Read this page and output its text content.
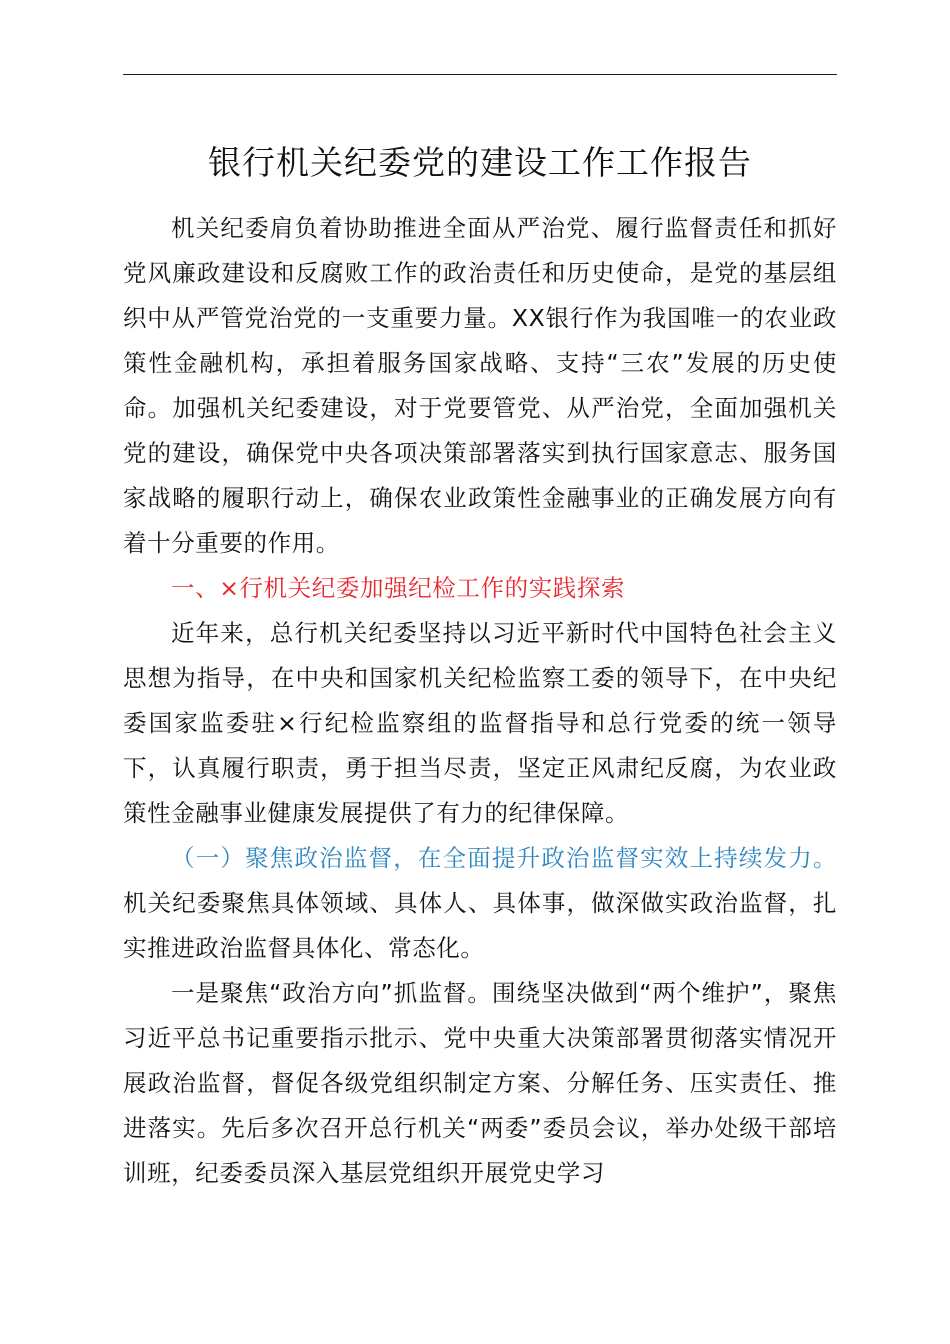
银行机关纪委党的建设工作工作报告

机关纪委肩负着协助推进全面从严治党、履行监督责任和抓好党风廉政建设和反腐败工作的政治责任和历史使命，是党的基层组织中从严管党治党的一支重要力量。XX银行作为我国唯一的农业政策性金融机构，承担着服务国家战略、支持“三农”发展的历史使命。加强机关纪委建设，对于党要管党、从严治党，全面加强机关党的建设，确保党中央各项决策部署落实到执行国家意志、服务国家战略的履职行动上，确保农业政策性金融事业的正确发展方向有着十分重要的作用。

一、×行机关纪委加强纪检工作的实践探索

近年来，总行机关纪委坚持以习近平新时代中国特色社会主义思想为指导，在中央和国家机关纪检监察工委的领导下，在中央纪委国家监委驻×行纪检监察组的监督指导和总行党委的统一领导下，认真履行职责，勇于担当尽责，坚定正风肃纪反腐，为农业政策性金融事业健康发展提供了有力的纪律保障。

（一）聚焦政治监督，在全面提升政治监督实效上持续发力。机关纪委聚焦具体领域、具体人、具体事，做深做实政治监督，扎实推进政治监督具体化、常态化。

一是聚焦“政治方向”抓监督。围绕坚决做到“两个维护”，聚焦习近平总书记重要指示批示、党中央重大决策部署贯彻落实情况开展政治监督，督促各级党组织制定方案、分解任务、压实责任、推进落实。先后多次召开总行机关“两委”委员会议，举办处级干部培训班，纪委委员深入基层党组织开展党史学习
